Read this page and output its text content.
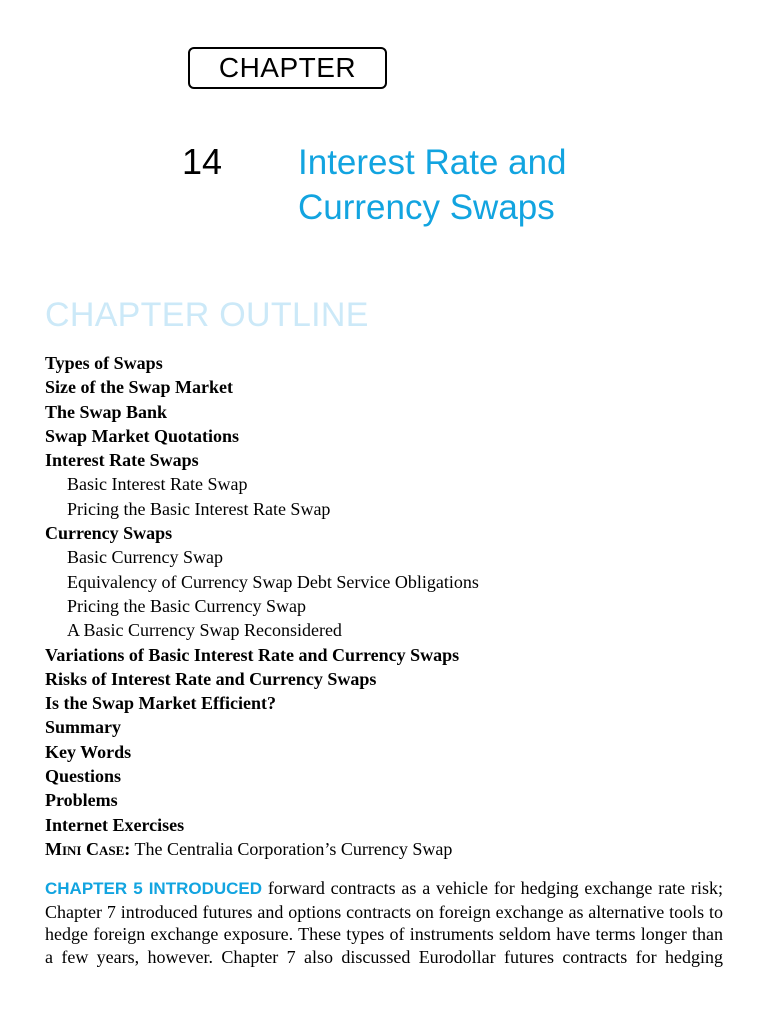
CHAPTER
14 Interest Rate and
Currency Swaps
CHAPTER OUTLINE
Types of Swaps
Size of the Swap Market
The Swap Bank
Swap Market Quotations
Interest Rate Swaps
Basic Interest Rate Swap
Pricing the Basic Interest Rate Swap
Currency Swaps
Basic Currency Swap
Equivalency of Currency Swap Debt Service Obligations
Pricing the Basic Currency Swap
A Basic Currency Swap Reconsidered
Variations of Basic Interest Rate and Currency Swaps
Risks of Interest Rate and Currency Swaps
Is the Swap Market Efficient?
Summary
Key Words
Questions
Problems
Internet Exercises
Mini Case: The Centralia Corporation’s Currency Swap

CHAPTER 5 INTRODUCED forward contracts as a vehicle for hedging exchange rate risk; Chapter 7 introduced futures and options contracts on foreign exchange as alternative tools to hedge foreign exchange exposure. These types of instruments seldom have terms longer than a few years, however. Chapter 7 also discussed Eurodollar futures contracts for hedging
